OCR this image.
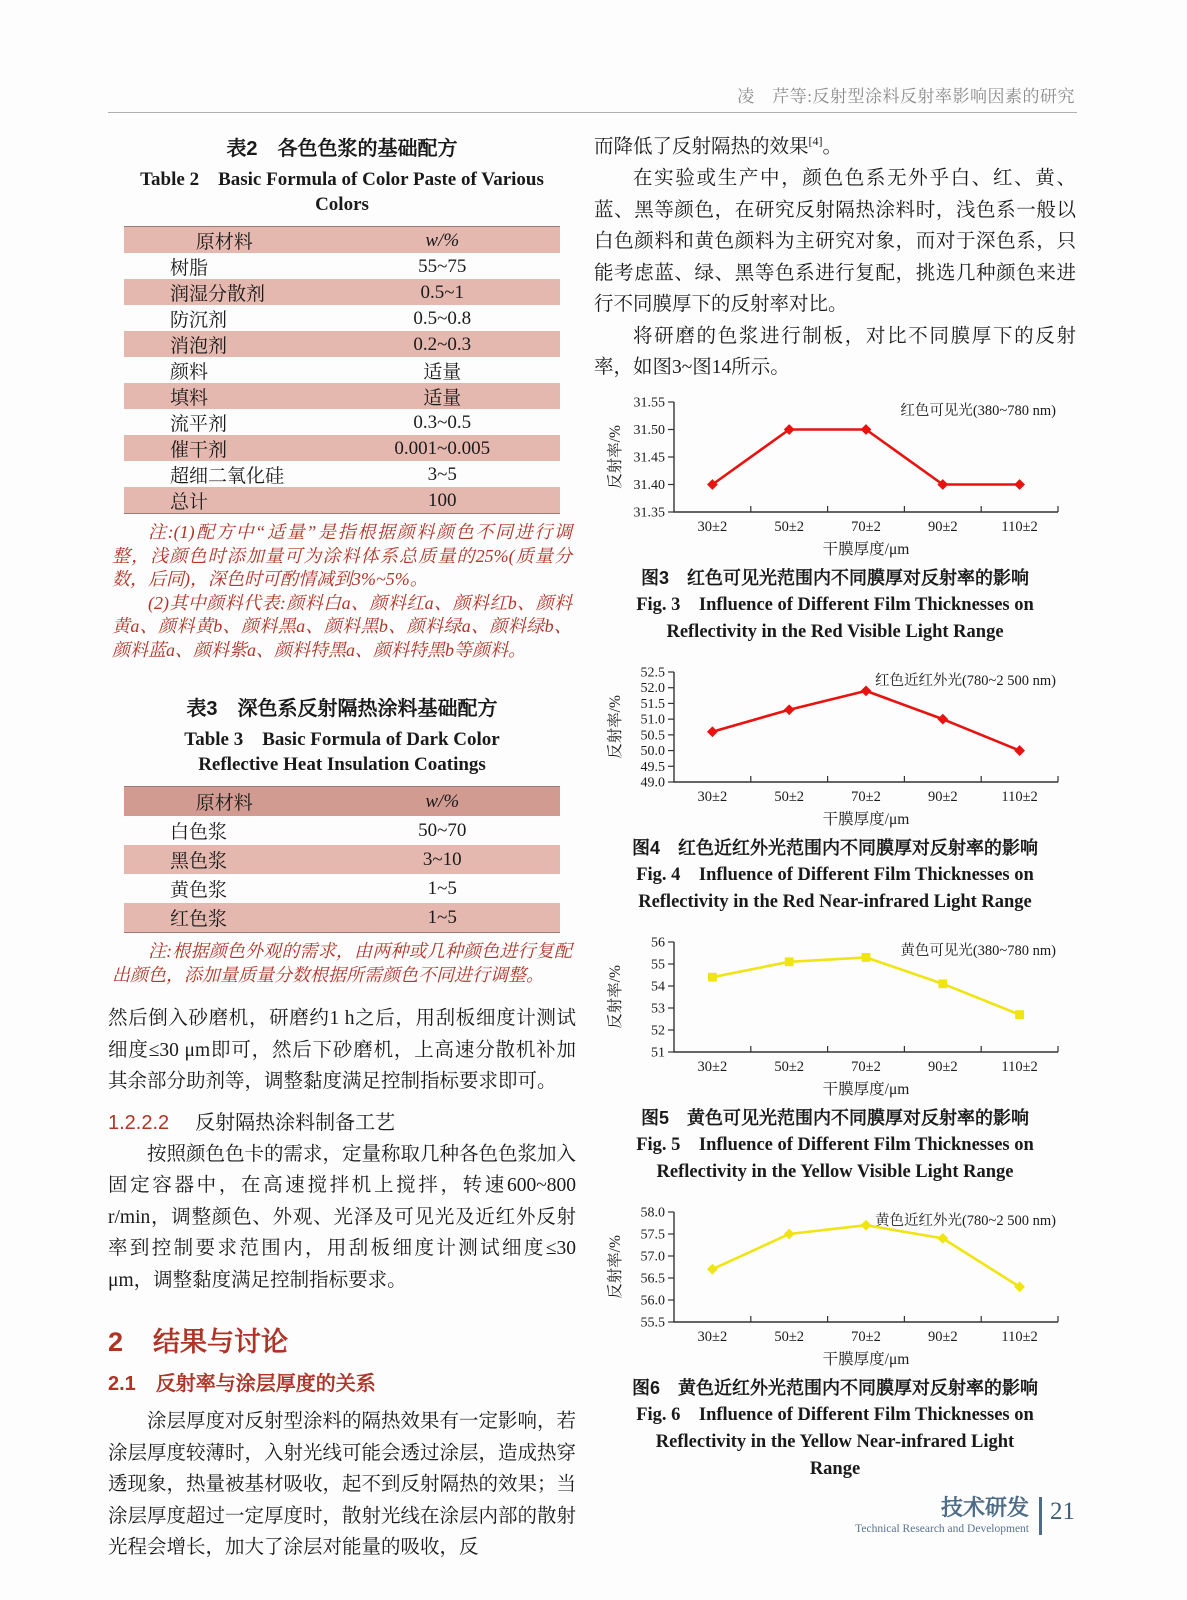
凌　芹等:反射型涂料反射率影响因素的研究
表2　各色色浆的基础配方
Table 2　Basic Formula of Color Paste of Various Colors
原材料	w/%
树脂	55~75
润湿分散剂	0.5~1
防沉剂	0.5~0.8
消泡剂	0.2~0.3
颜料	适量
填料	适量
流平剂	0.3~0.5
催干剂	0.001~0.005
超细二氧化硅	3~5
总计	100

注:(1)配方中“适量”是指根据颜料颜色不同进行调整，浅颜色时添加量可为涂料体系总质量的25%(质量分数，后同)，深色时可酌情减到3%~5%。

(2)其中颜料代表:颜料白a、颜料红a、颜料红b、颜料黄a、颜料黄b、颜料黑a、颜料黑b、颜料绿a、颜料绿b、颜料蓝a、颜料紫a、颜料特黑a、颜料特黑b等颜料。

表3　深色系反射隔热涂料基础配方
Table 3　Basic Formula of Dark Color Reflective Heat Insulation Coatings
原材料	w/%
白色浆	50~70
黑色浆	3~10
黄色浆	1~5
红色浆	1~5

注:根据颜色外观的需求，由两种或几种颜色进行复配出颜色，添加量质量分数根据所需颜色不同进行调整。

然后倒入砂磨机，研磨约1 h之后，用刮板细度计测试细度≤30 μm即可，然后下砂磨机，上高速分散机补加其余部分助剂等，调整黏度满足控制指标要求即可。

1.2.2.2 反射隔热涂料制备工艺

按照颜色色卡的需求，定量称取几种各色色浆加入固定容器中，在高速搅拌机上搅拌，转速600~800 r/min，调整颜色、外观、光泽及可见光及近红外反射率到控制要求范围内，用刮板细度计测试细度≤30 μm，调整黏度满足控制指标要求。

2 结果与讨论
2.1 反射率与涂层厚度的关系

涂层厚度对反射型涂料的隔热效果有一定影响，若涂层厚度较薄时，入射光线可能会透过涂层，造成热穿透现象，热量被基材吸收，起不到反射隔热的效果；当涂层厚度超过一定厚度时，散射光线在涂层内部的散射光程会增长，加大了涂层对能量的吸收，反

而降低了反射隔热的效果[4]。

在实验或生产中，颜色色系无外乎白、红、黄、蓝、黑等颜色，在研究反射隔热涂料时，浅色系一般以白色颜料和黄色颜料为主研究对象，而对于深色系，只能考虑蓝、绿、黑等色系进行复配，挑选几种颜色来进行不同膜厚下的反射率对比。

将研磨的色浆进行制板，对比不同膜厚下的反射率，如图3~图14所示。

31.35
31.40
31.45
31.50
31.55
30±2	50±2	70±2	90±2	110±2
干膜厚度/μm
反射率/%
红色可见光(380~780 nm)
图3　红色可见光范围内不同膜厚对反射率的影响
Fig. 3　Influence of Different Film Thicknesses on Reflectivity in the Red Visible Light Range
49.0
49.5
50.0
50.5
51.0
51.5
52.0
52.5
30±2	50±2	70±2	90±2	110±2
干膜厚度/μm
反射率/%
红色近红外光(780~2 500 nm)
图4　红色近红外光范围内不同膜厚对反射率的影响
Fig. 4　Influence of Different Film Thicknesses on Reflectivity in the Red Near-infrared Light Range
51
52
53
54
55
56
30±2	50±2	70±2	90±2	110±2
干膜厚度/μm
反射率/%
黄色可见光(380~780 nm)
图5　黄色可见光范围内不同膜厚对反射率的影响
Fig. 5　Influence of Different Film Thicknesses on Reflectivity in the Yellow Visible Light Range
55.5
56.0
56.5
57.0
57.5
58.0
30±2	50±2	70±2	90±2	110±2
干膜厚度/μm
反射率/%
黄色近红外光(780~2 500 nm)
图6　黄色近红外光范围内不同膜厚对反射率的影响
Fig. 6　Influence of Different Film Thicknesses on Reflectivity in the Yellow Near-infrared Light Range
技术研发
Technical Research and Development
21
